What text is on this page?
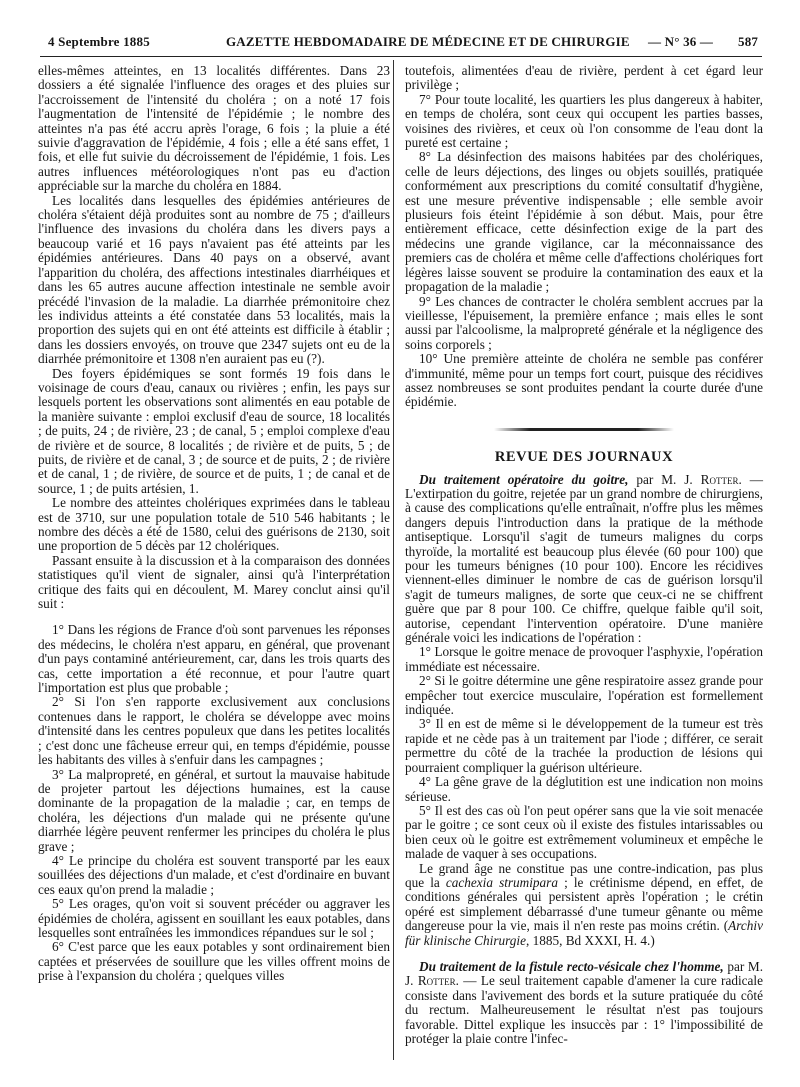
4 Septembre 1885	GAZETTE HEBDOMADAIRE DE MÉDECINE ET DE CHIRURGIE — N° 36 — 587

elles-mêmes atteintes, en 13 localités différentes. Dans 23 dossiers a été signalée l'influence des orages et des pluies sur l'accroissement de l'intensité du choléra ; on a noté 17 fois l'augmentation de l'intensité de l'épidémie ; le nombre des atteintes n'a pas été accru après l'orage, 6 fois ; la pluie a été suivie d'aggravation de l'épidémie, 4 fois ; elle a été sans effet, 1 fois, et elle fut suivie du décroissement de l'épidémie, 1 fois. Les autres influences météorologiques n'ont pas eu d'action appréciable sur la marche du choléra en 1884.

Les localités dans lesquelles des épidémies antérieures de choléra s'étaient déjà produites sont au nombre de 75 ; d'ailleurs l'influence des invasions du choléra dans les divers pays a beaucoup varié et 16 pays n'avaient pas été atteints par les épidémies antérieures. Dans 40 pays on a observé, avant l'apparition du choléra, des affections intestinales diarrhéiques et dans les 65 autres aucune affection intestinale ne semble avoir précédé l'invasion de la maladie. La diarrhée prémonitoire chez les individus atteints a été constatée dans 53 localités, mais la proportion des sujets qui en ont été atteints est difficile à établir ; dans les dossiers envoyés, on trouve que 2347 sujets ont eu de la diarrhée prémonitoire et 1308 n'en auraient pas eu (?).

Des foyers épidémiques se sont formés 19 fois dans le voisinage de cours d'eau, canaux ou rivières ; enfin, les pays sur lesquels portent les observations sont alimentés en eau potable de la manière suivante : emploi exclusif d'eau de source, 18 localités ; de puits, 24 ; de rivière, 23 ; de canal, 5 ; emploi complexe d'eau de rivière et de source, 8 localités ; de rivière et de puits, 5 ; de puits, de rivière et de canal, 3 ; de source et de puits, 2 ; de rivière et de canal, 1 ; de rivière, de source et de puits, 1 ; de canal et de source, 1 ; de puits artésien, 1.

Le nombre des atteintes cholériques exprimées dans le tableau est de 3710, sur une population totale de 510 546 habitants ; le nombre des décès a été de 1580, celui des guérisons de 2130, soit une proportion de 5 décès par 12 cholériques.

Passant ensuite à la discussion et à la comparaison des données statistiques qu'il vient de signaler, ainsi qu'à l'interprétation critique des faits qui en découlent, M. Marey conclut ainsi qu'il suit :

1° Dans les régions de France d'où sont parvenues les réponses des médecins, le choléra n'est apparu, en général, que provenant d'un pays contaminé antérieurement, car, dans les trois quarts des cas, cette importation a été reconnue, et pour l'autre quart l'importation est plus que probable ;

2° Si l'on s'en rapporte exclusivement aux conclusions contenues dans le rapport, le choléra se développe avec moins d'intensité dans les centres populeux que dans les petites localités ; c'est donc une fâcheuse erreur qui, en temps d'épidémie, pousse les habitants des villes à s'enfuir dans les campagnes ;

3° La malpropreté, en général, et surtout la mauvaise habitude de projeter partout les déjections humaines, est la cause dominante de la propagation de la maladie ; car, en temps de choléra, les déjections d'un malade qui ne présente qu'une diarrhée légère peuvent renfermer les principes du choléra le plus grave ;

4° Le principe du choléra est souvent transporté par les eaux souillées des déjections d'un malade, et c'est d'ordinaire en buvant ces eaux qu'on prend la maladie ;

5° Les orages, qu'on voit si souvent précéder ou aggraver les épidémies de choléra, agissent en souillant les eaux potables, dans lesquelles sont entraînées les immondices répandues sur le sol ;

6° C'est parce que les eaux potables y sont ordinairement bien captées et préservées de souillure que les villes offrent moins de prise à l'expansion du choléra ; quelques villes

toutefois, alimentées d'eau de rivière, perdent à cet égard leur privilège ;

7° Pour toute localité, les quartiers les plus dangereux à habiter, en temps de choléra, sont ceux qui occupent les parties basses, voisines des rivières, et ceux où l'on consomme de l'eau dont la pureté est certaine ;

8° La désinfection des maisons habitées par des cholériques, celle de leurs déjections, des linges ou objets souillés, pratiquée conformément aux prescriptions du comité consultatif d'hygiène, est une mesure préventive indispensable ; elle semble avoir plusieurs fois éteint l'épidémie à son début. Mais, pour être entièrement efficace, cette désinfection exige de la part des médecins une grande vigilance, car la méconnaissance des premiers cas de choléra et même celle d'affections cholériques fort légères laisse souvent se produire la contamination des eaux et la propagation de la maladie ;

9° Les chances de contracter le choléra semblent accrues par la vieillesse, l'épuisement, la première enfance ; mais elles le sont aussi par l'alcoolisme, la malpropreté générale et la négligence des soins corporels ;

10° Une première atteinte de choléra ne semble pas conférer d'immunité, même pour un temps fort court, puisque des récidives assez nombreuses se sont produites pendant la courte durée d'une épidémie.

REVUE DES JOURNAUX

Du traitement opératoire du goitre, par M. J. Rotter. — L'extirpation du goitre, rejetée par un grand nombre de chirurgiens, à cause des complications qu'elle entraînait, n'offre plus les mêmes dangers depuis l'introduction dans la pratique de la méthode antiseptique. Lorsqu'il s'agit de tumeurs malignes du corps thyroïde, la mortalité est beaucoup plus élevée (60 pour 100) que pour les tumeurs bénignes (10 pour 100). Encore les récidives viennent-elles diminuer le nombre de cas de guérison lorsqu'il s'agit de tumeurs malignes, de sorte que ceux-ci ne se chiffrent guère que par 8 pour 100. Ce chiffre, quelque faible qu'il soit, autorise, cependant l'intervention opératoire. D'une manière générale voici les indications de l'opération :

1° Lorsque le goitre menace de provoquer l'asphyxie, l'opération immédiate est nécessaire.

2° Si le goitre détermine une gêne respiratoire assez grande pour empêcher tout exercice musculaire, l'opération est formellement indiquée.

3° Il en est de même si le développement de la tumeur est très rapide et ne cède pas à un traitement par l'iode ; différer, ce serait permettre du côté de la trachée la production de lésions qui pourraient compliquer la guérison ultérieure.

4° La gêne grave de la déglutition est une indication non moins sérieuse.

5° Il est des cas où l'on peut opérer sans que la vie soit menacée par le goitre ; ce sont ceux où il existe des fistules intarissables ou bien ceux où le goitre est extrêmement volumineux et empêche le malade de vaquer à ses occupations.

Le grand âge ne constitue pas une contre-indication, pas plus que la cachexia strumipara ; le crétinisme dépend, en effet, de conditions générales qui persistent après l'opération ; le crétin opéré est simplement débarrassé d'une tumeur gênante ou même dangereuse pour la vie, mais il n'en reste pas moins crétin. (Archiv für klinische Chirurgie, 1885, Bd XXXI, H. 4.)

Du traitement de la fistule recto-vésicale chez l'homme, par M. J. Rotter. — Le seul traitement capable d'amener la cure radicale consiste dans l'avivement des bords et la suture pratiquée du côté du rectum. Malheureusement le résultat n'est pas toujours favorable. Dittel explique les insuccès par : 1° l'impossibilité de protéger la plaie contre l'infec-
